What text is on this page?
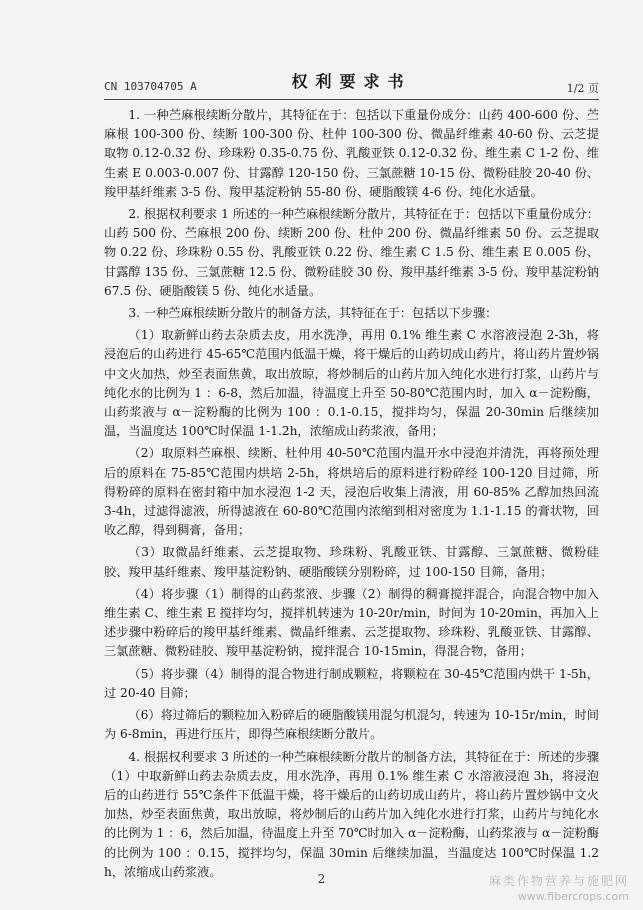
CN 103704705 A	权利要求书	1/2 页

1. 一种苎麻根续断分散片，其特征在于：包括以下重量份成分：山药 400-600 份、苎麻根 100-300 份、续断 100-300 份、杜仲 100-300 份、微晶纤维素 40-60 份、云芝提取物 0.12-0.32 份、珍珠粉 0.35-0.75 份、乳酸亚铁 0.12-0.32 份、维生素 C 1-2 份、维生素 E 0.003-0.007 份、甘露醇 120-150 份、三氯蔗糖 10-15 份、微粉硅胶 20-40 份、羧甲基纤维素 3-5 份、羧甲基淀粉钠 55-80 份、硬脂酸镁 4-6 份、纯化水适量。

2. 根据权利要求 1 所述的一种苎麻根续断分散片，其特征在于：包括以下重量份成分：山药 500 份、苎麻根 200 份、续断 200 份、杜仲 200 份、微晶纤维素 50 份、云芝提取物 0.22 份、珍珠粉 0.55 份、乳酸亚铁 0.22 份、维生素 C 1.5 份、维生素 E 0.005 份、甘露醇 135 份、三氯蔗糖 12.5 份、微粉硅胶 30 份、羧甲基纤维素 3-5 份、羧甲基淀粉钠 67.5 份、硬脂酸镁 5 份、纯化水适量。

3. 一种苎麻根续断分散片的制备方法，其特征在于：包括以下步骤：

（1）取新鲜山药去杂质去皮，用水洗净，再用 0.1% 维生素 C 水溶液浸泡 2-3h，将浸泡后的山药进行 45-65℃范围内低温干燥，将干燥后的山药切成山药片，将山药片置炒锅中文火加热，炒至表面焦黄，取出放晾，将炒制后的山药片加入纯化水进行打浆，山药片与纯化水的比例为 1 ：6-8，然后加温，待温度上升至 50-80℃范围内时，加入 α－淀粉酶，山药浆液与 α－淀粉酶的比例为 100 ：0.1-0.15，搅拌均匀，保温 20-30min 后继续加温，当温度达 100℃时保温 1-1.2h，浓缩成山药浆液，备用；

（2）取原料苎麻根、续断、杜仲用 40-50℃范围内温开水中浸泡并清洗，再将预处理后的原料在 75-85℃范围内烘培 2-5h，将烘培后的原料进行粉碎经 100-120 目过筛，所得粉碎的原料在密封箱中加水浸泡 1-2 天，浸泡后收集上清液，用 60-85% 乙醇加热回流 3-4h，过滤得滤液，所得滤液在 60-80℃范围内浓缩到相对密度为 1.1-1.15 的膏状物，回收乙醇，得到稠膏，备用；

（3）取微晶纤维素、云芝提取物、珍珠粉、乳酸亚铁、甘露醇、三氯蔗糖、微粉硅胶、羧甲基纤维素、羧甲基淀粉钠、硬脂酸镁分别粉碎，过 100-150 目筛，备用；

（4）将步骤（1）制得的山药浆液、步骤（2）制得的稠膏搅拌混合，向混合物中加入维生素 C、维生素 E 搅拌均匀，搅拌机转速为 10-20r/min，时间为 10-20min，再加入上述步骤中粉碎后的羧甲基纤维素、微晶纤维素、云芝提取物、珍珠粉、乳酸亚铁、甘露醇、三氯蔗糖、微粉硅胶、羧甲基淀粉钠，搅拌混合 10-15min，得混合物，备用；

（5）将步骤（4）制得的混合物进行制成颗粒，将颗粒在 30-45℃范围内烘干 1-5h，过 20-40 目筛；

（6）将过筛后的颗粒加入粉碎后的硬脂酸镁用混匀机混匀，转速为 10-15r/min，时间为 6-8min，再进行压片，即得苎麻根续断分散片。

4. 根据权利要求 3 所述的一种苎麻根续断分散片的制备方法，其特征在于：所述的步骤（1）中取新鲜山药去杂质去皮，用水洗净，再用 0.1% 维生素 C 水溶液浸泡 3h，将浸泡后的山药进行 55℃条件下低温干燥，将干燥后的山药切成山药片，将山药片置炒锅中文火加热，炒至表面焦黄，取出放晾，将炒制后的山药片加入纯化水进行打浆，山药片与纯化水的比例为 1 ：6，然后加温，待温度上升至 70℃时加入 α－淀粉酶，山药浆液与 α－淀粉酶的比例为 100 ：0.15，搅拌均匀，保温 30min 后继续加温，当温度达 100℃时保温 1.2h，浓缩成山药浆液。

2	麻类作物营养与施肥网
www.fibercrops.com
